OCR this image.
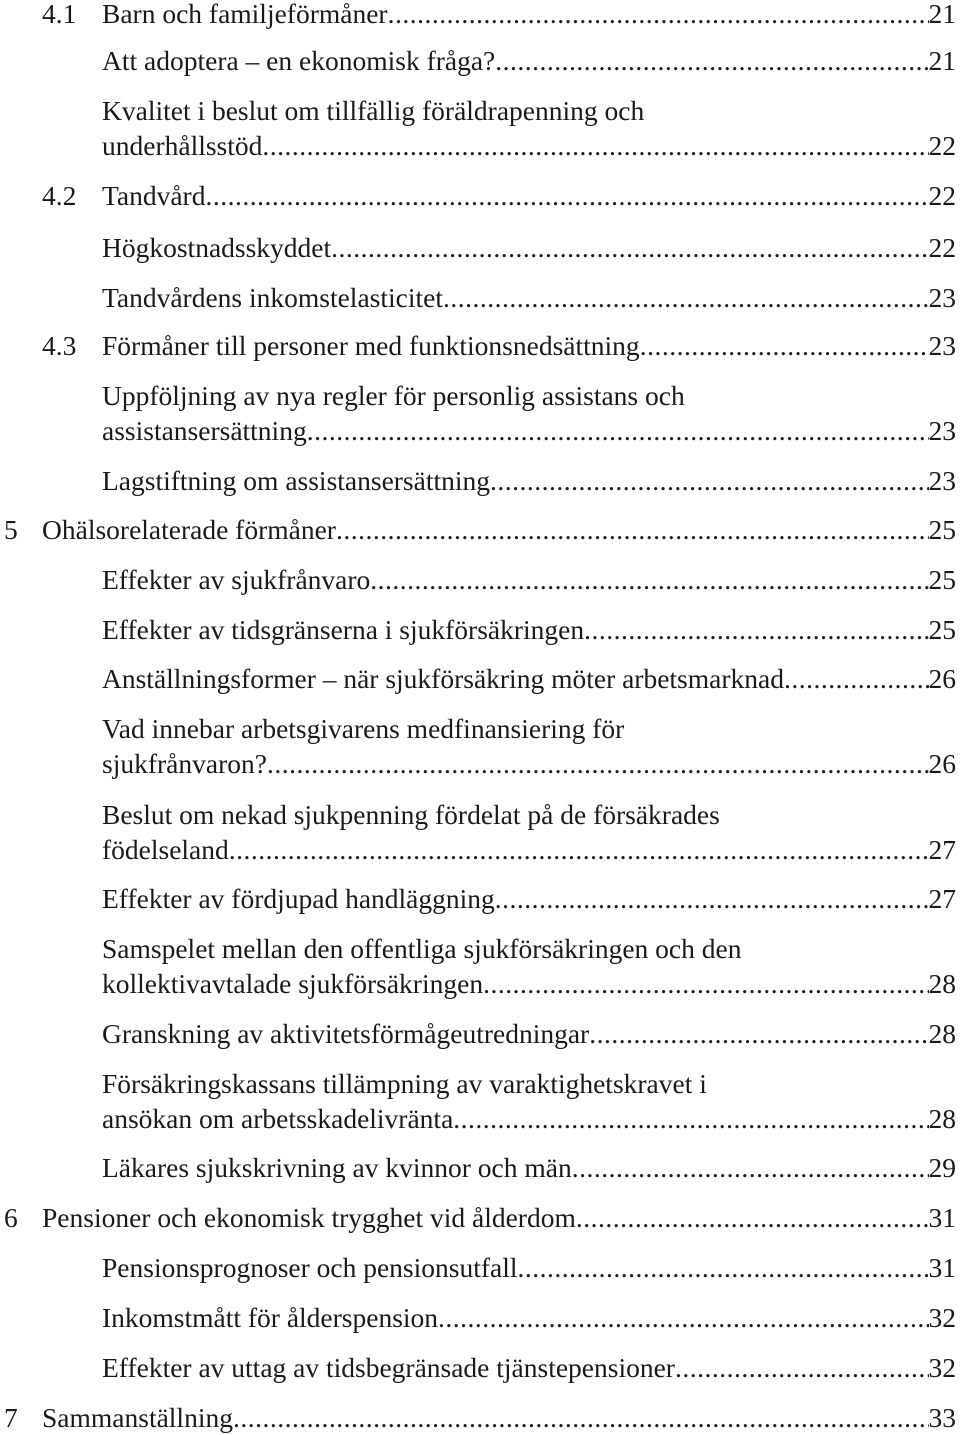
4.1 Barn och familjeförmåner .....	21
Att adoptera – en ekonomisk fråga? .....	21
Kvalitet i beslut om tillfällig föräldrapenning och
underhållsstöd .....	22
4.2 Tandvård .....	22
Högkostnadsskyddet .....	22
Tandvårdens inkomstelasticitet .....	23
4.3 Förmåner till personer med funktionsnedsättning .....	23
Uppföljning av nya regler för personlig assistans och
assistansersättning .....	23
Lagstiftning om assistansersättning .....	23
5 Ohälsorelaterade förmåner .....	25
Effekter av sjukfrånvaro .....	25
Effekter av tidsgränserna i sjukförsäkringen .....	25
Anställningsformer – när sjukförsäkring möter arbetsmarknad .....	26
Vad innebar arbetsgivarens medfinansiering för
sjukfrånvaron? .....	26
Beslut om nekad sjukpenning fördelat på de försäkrades
födelseland .....	27
Effekter av fördjupad handläggning .....	27
Samspelet mellan den offentliga sjukförsäkringen och den
kollektivavtalade sjukförsäkringen .....	28
Granskning av aktivitetsförmågeutredningar .....	28
Försäkringskassans tillämpning av varaktighetskravet i
ansökan om arbetsskadelivränta .....	28
Läkares sjukskrivning av kvinnor och män .....	29
6 Pensioner och ekonomisk trygghet vid ålderdom .....	31
Pensionsprognoser och pensionsutfall .....	31
Inkomstmått för ålderspension .....	32
Effekter av uttag av tidsbegränsade tjänstepensioner .....	32
7 Sammanställning .....	33
